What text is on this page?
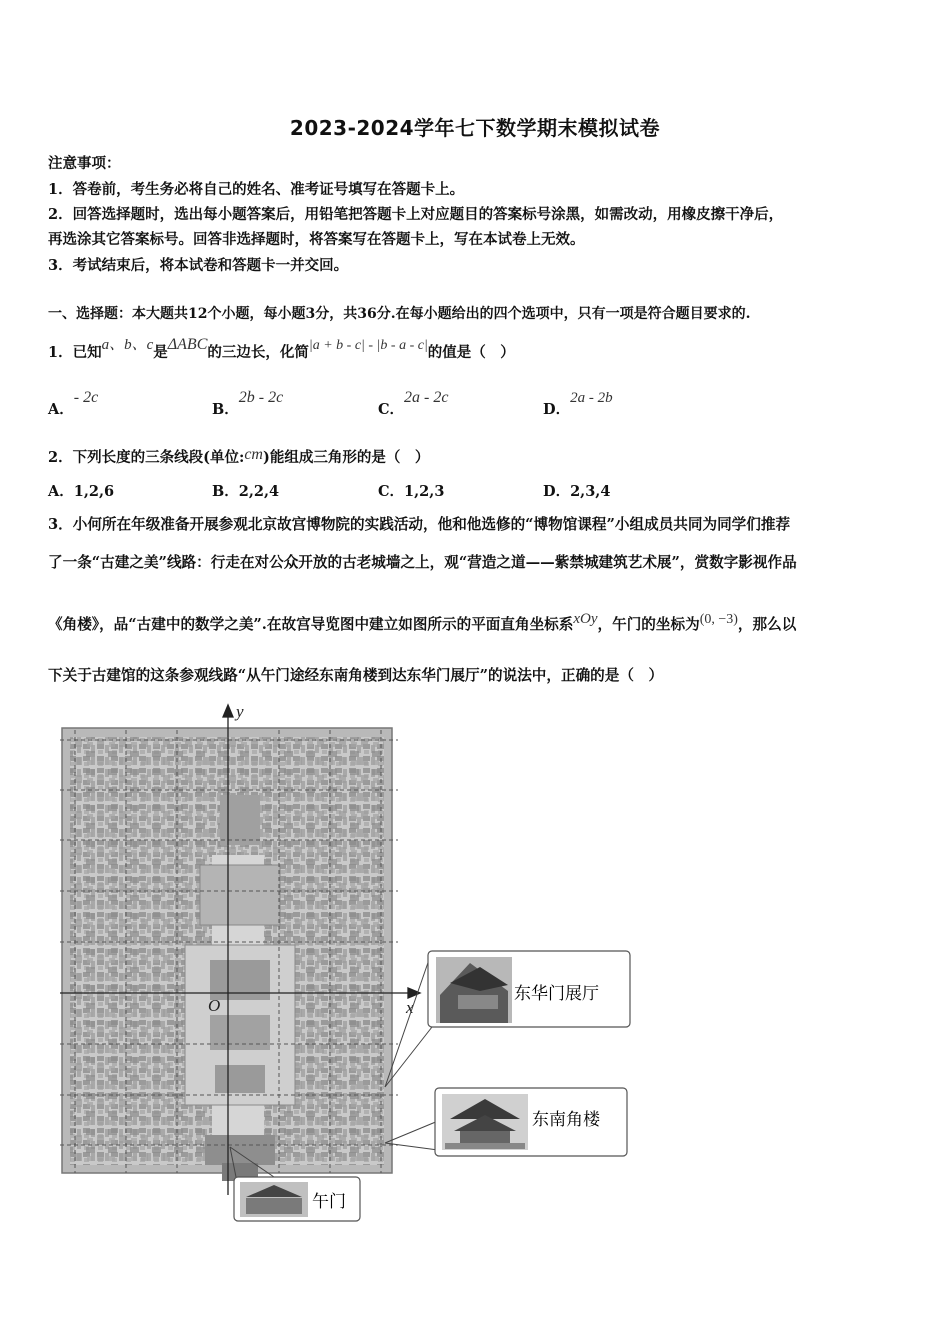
2023-2024学年七下数学期末模拟试卷
注意事项：
1．答卷前，考生务必将自己的姓名、准考证号填写在答题卡上。
2．回答选择题时，选出每小题答案后，用铅笔把答题卡上对应题目的答案标号涂黑，如需改动，用橡皮擦干净后，
再选涂其它答案标号。回答非选择题时，将答案写在答题卡上，写在本试卷上无效。
3．考试结束后，将本试卷和答题卡一并交回。
一、选择题：本大题共12个小题，每小题3分，共36分.在每小题给出的四个选项中，只有一项是符合题目要求的.
1．已知a、b、c是ΔABC的三边长，化简|a + b - c| - |b - a - c|的值是（　）
A．- 2c
B．2b - 2c
C．2a - 2c
D．2a - 2b
2．下列长度的三条线段(单位:cm)能组成三角形的是（　）
A．1,2,6	B．2,2,4	C．1,2,3	D．2,3,4
3．小何所在年级准备开展参观北京故宫博物院的实践活动，他和他选修的“博物馆课程”小组成员共同为同学们推荐
了一条“古建之美”线路：行走在对公众开放的古老城墙之上，观“营造之道——紫禁城建筑艺术展”，赏数字影视作品
《角楼》，品“古建中的数学之美”.在故宫导览图中建立如图所示的平面直角坐标系xOy，午门的坐标为(0, −3)，那么以
下关于古建馆的这条参观线路“从午门途经东南角楼到达东华门展厅”的说法中，正确的是（　）
y
x
O
东华门展厅
东南角楼
午门
